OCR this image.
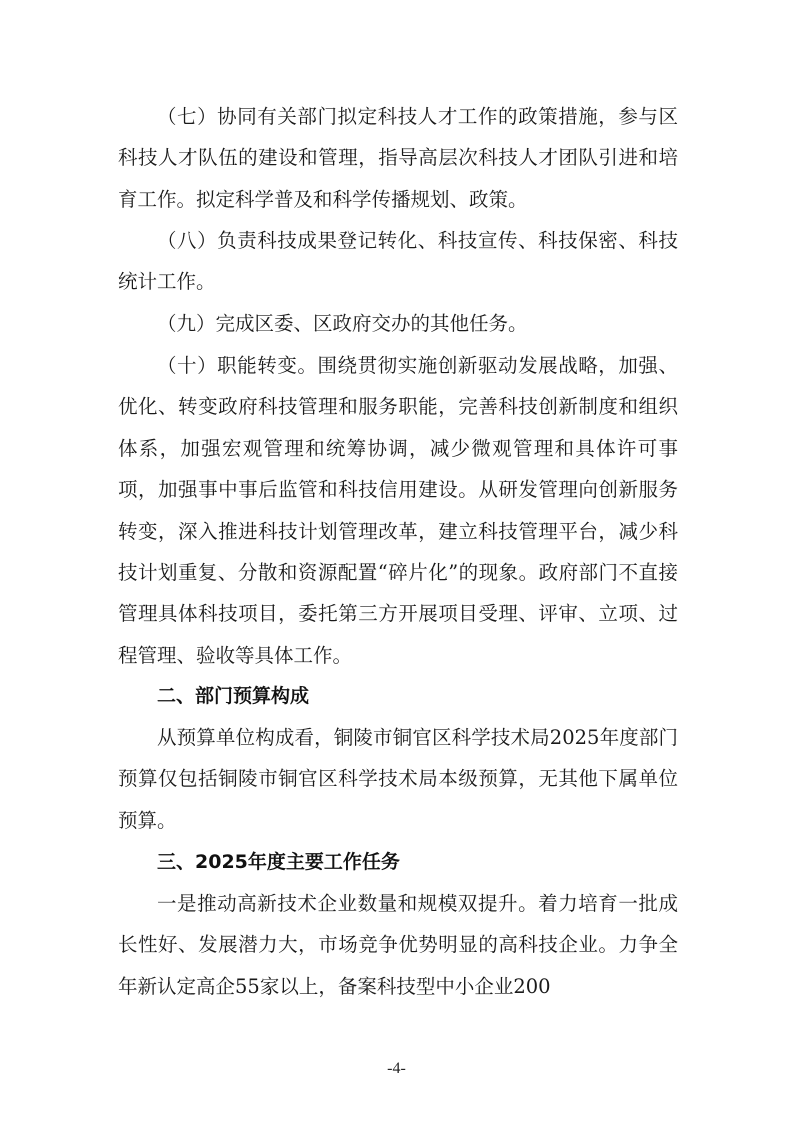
（七）协同有关部门拟定科技人才工作的政策措施，参与区科技人才队伍的建设和管理，指导高层次科技人才团队引进和培育工作。拟定科学普及和科学传播规划、政策。

（八）负责科技成果登记转化、科技宣传、科技保密、科技统计工作。

（九）完成区委、区政府交办的其他任务。

（十）职能转变。围绕贯彻实施创新驱动发展战略，加强、优化、转变政府科技管理和服务职能，完善科技创新制度和组织体系，加强宏观管理和统筹协调，减少微观管理和具体许可事项，加强事中事后监管和科技信用建设。从研发管理向创新服务转变，深入推进科技计划管理改革，建立科技管理平台，减少科技计划重复、分散和资源配置“碎片化”的现象。政府部门不直接管理具体科技项目，委托第三方开展项目受理、评审、立项、过程管理、验收等具体工作。

二、部门预算构成

从预算单位构成看，铜陵市铜官区科学技术局2025年度部门预算仅包括铜陵市铜官区科学技术局本级预算，无其他下属单位预算。

三、2025年度主要工作任务

一是推动高新技术企业数量和规模双提升。着力培育一批成长性好、发展潜力大，市场竞争优势明显的高科技企业。力争全年新认定高企55家以上，备案科技型中小企业200

-4-
